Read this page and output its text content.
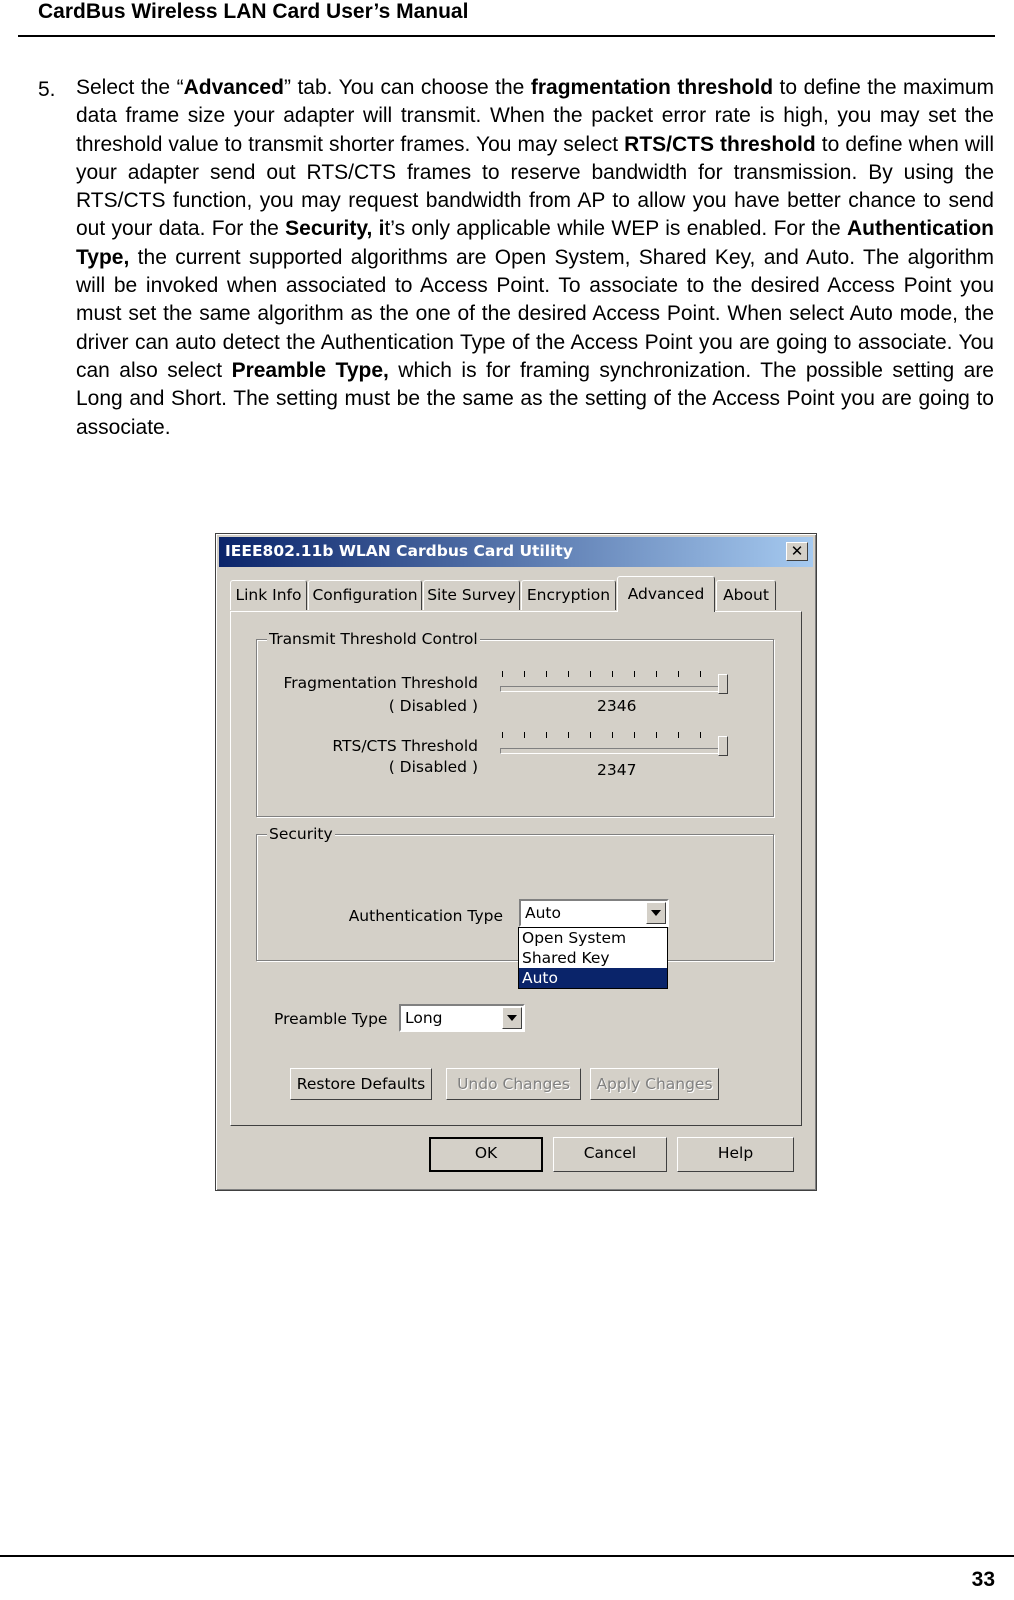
CardBus Wireless LAN Card User’s Manual
5. Select the “Advanced” tab. You can choose the fragmentation threshold to define the maximum data frame size your adapter will transmit. When the packet error rate is high, you may set the threshold value to transmit shorter frames. You may select RTS/CTS threshold to define when will your adapter send out RTS/CTS frames to reserve bandwidth for transmission. By using the RTS/CTS function, you may request bandwidth from AP to allow you have better chance to send out your data. For the Security, it’s only applicable while WEP is enabled. For the Authentication Type, the current supported algorithms are Open System, Shared Key, and Auto. The algorithm will be invoked when associated to Access Point. To associate to the desired Access Point you must set the same algorithm as the one of the desired Access Point. When select Auto mode, the driver can auto detect the Authentication Type of the Access Point you are going to associate. You can also select Preamble Type, which is for framing synchronization. The possible setting are Long and Short. The setting must be the same as the setting of the Access Point you are going to associate.
IEEE802.11b WLAN Cardbus Card Utility	✕
Link Info Configuration Site Survey Encryption	Advanced	About
Transmit Threshold Control
Fragmentation Threshold
( Disabled )	2346
RTS/CTS Threshold
( Disabled )	2347
Security
Authentication Type Auto
Open System
Shared Key
Auto
Preamble Type Long
Restore Defaults	Undo Changes	Apply Changes
OK	Cancel	Help
33
